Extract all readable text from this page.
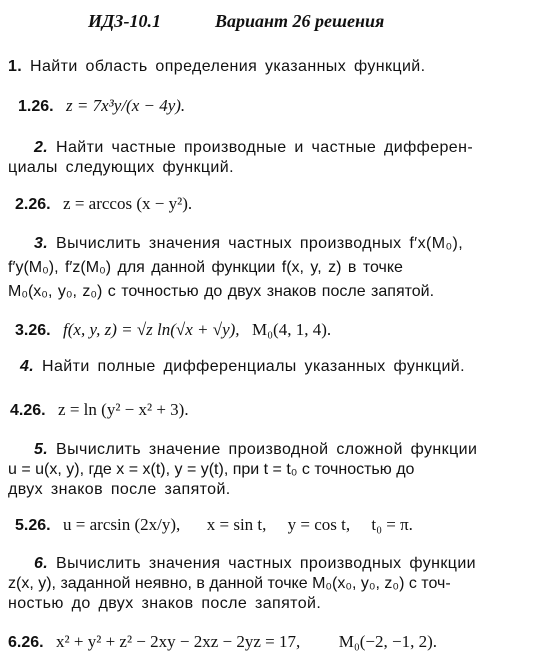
ИДЗ-10.1	Вариант 26 решения
1. Найти область определения указанных функций.
1.26. z = 7x³y/(x − 4y).
2. Найти частные производные и частные дифферен-
циалы следующих функций.
2.26. z = arccos (x − y²).
3. Вычислить значения частных производных f′x(M₀),
f′y(M₀), f′z(M₀) для данной функции f(x, y, z) в точке
M₀(x₀, y₀, z₀) с точностью до двух знаков после запятой.
3.26. f(x, y, z) = √z ln(√x + √y), M₀(4, 1, 4).
4. Найти полные дифференциалы указанных функций.
4.26. z = ln (y² − x² + 3).
5. Вычислить значение производной сложной функции
u = u(x, y), где x = x(t), y = y(t), при t = t₀ с точностью до
двух знаков после запятой.
5.26. u = arcsin (2x/y), x = sin t,     y = cos t,     t₀ = π.
6. Вычислить значения частных производных функции
z(x, y), заданной неявно, в данной точке M₀(x₀, y₀, z₀) с точ-
ностью до двух знаков после запятой.
6.26. x² + y² + z² − 2xy − 2xz − 2yz = 17, M₀(−2, −1, 2).
